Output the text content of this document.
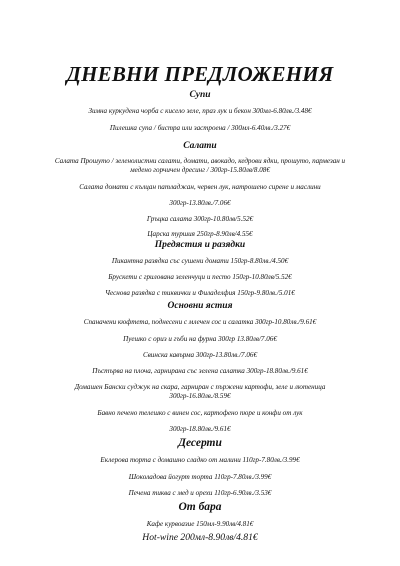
ДНЕВНИ ПРЕДЛОЖЕНИЯ
Супи
Зимна куркудена чорба с кисело зеле, праз лук и бекон 300мл-6.80лв./3.48€
Пилешка супа / бистра или застроена / 300мл-6.40лв./3.27€
Салати
Салата Прошуто / зеленолистни салати, домати, авокадо, кедрови ядки, прошуто, пармезан и медено горчичен дресинг / 300гр-15.80лв/8.08€
Салата домати с кълцан патладжан, червен лук, натрошено сирене и маслини
300гр-13.80лв./7.06€
Гръцка салата 300гр-10.80лв/5.52€
Царска туршия 250гр-8.90лв/4.55€
Предястия и разядки
Пикантна разядка със сушени домати 150гр-8.80лв./4.50€
Брускети с грилована зеленчуци и песто 150гр-10.80лв/5.52€
Чеснова разядка с тиквички и Филаделфия 150гр-9.80лв./5.01€
Основни ястия
Спаначени кюфтета, поднесени с млечен сос и салатка 300гр-10.80лв./9.61€
Пуешко с ориз и гъби на фурна 300гр 13.80лв/7.06€
Свинска кавърма 300гр-13.80лв./7.06€
Пъстърва на плоча, гарнирана със зелена салатка 300гр-18.80лв./9.61€
Домашен Бански суджук на скара, гарниран с пържени картофи, зеле и лютеница 300гр-16.80лв./8.59€
Бавно печено телешко с винен сос, картофено пюре и конфи от лук
300гр-18.80лв./9.61€
Десерти
Еклерова торта с домашно сладко от малини 110гр-7.80лв./3.99€
Шоколадова йогурт торта 110гр-7.80лв./3.99€
Печена тиква с мед и орехи 110гр-6.90лв./3.53€
От бара
Кафе курвоазие 150мл-9.90лв/4.81€
Hot-wine 200мл-8.90лв/4.81€
